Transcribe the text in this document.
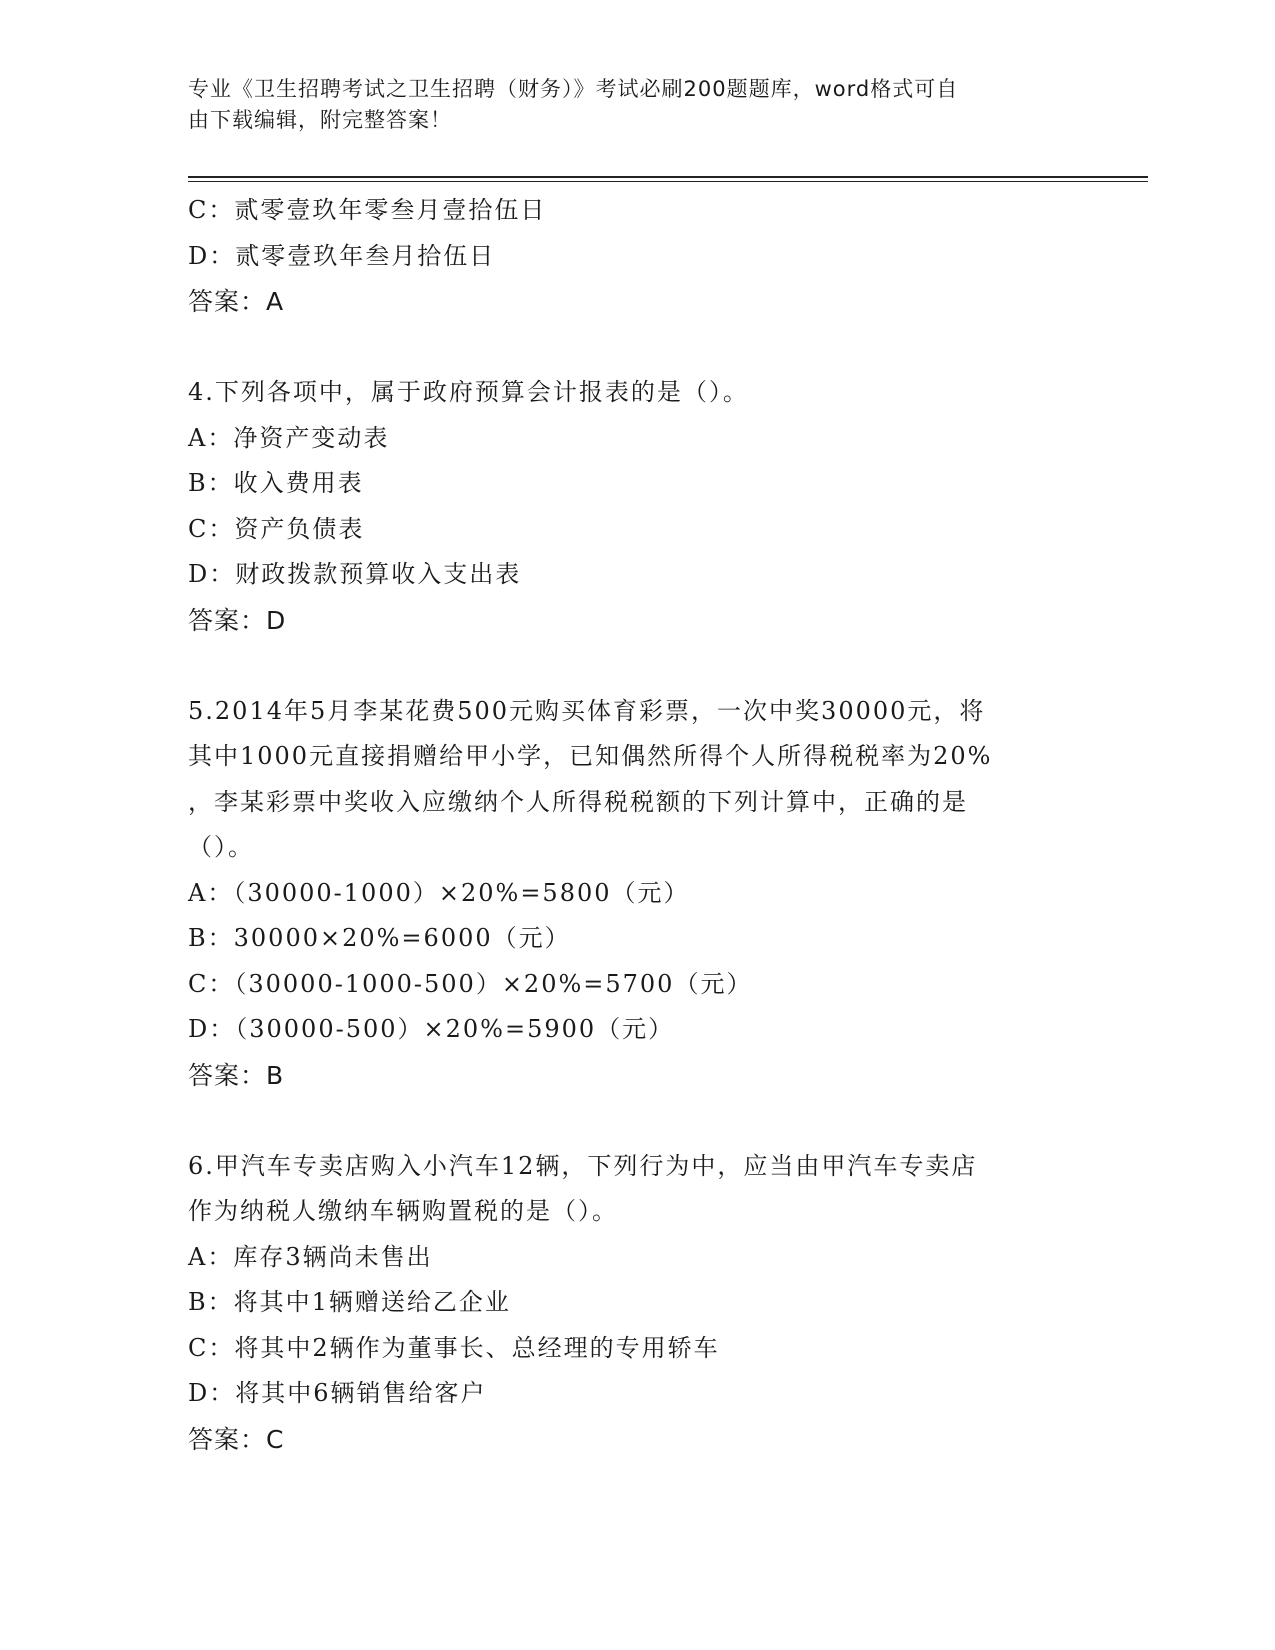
专业《卫生招聘考试之卫生招聘（财务）》考试必刷200题题库，word格式可自
由下载编辑，附完整答案！
C：贰零壹玖年零叁月壹拾伍日
D：贰零壹玖年叁月拾伍日
答案：A
4.下列各项中，属于政府预算会计报表的是（）。
A：净资产变动表
B：收入费用表
C：资产负债表
D：财政拨款预算收入支出表
答案：D
5.2014年5月李某花费500元购买体育彩票，一次中奖30000元，将
其中1000元直接捐赠给甲小学，已知偶然所得个人所得税税率为20%
，李某彩票中奖收入应缴纳个人所得税税额的下列计算中，正确的是
（）。
A：（30000-1000）×20%=5800（元）
B：30000×20%=6000（元）
C：（30000-1000-500）×20%=5700（元）
D：（30000-500）×20%=5900（元）
答案：B
6.甲汽车专卖店购入小汽车12辆，下列行为中，应当由甲汽车专卖店
作为纳税人缴纳车辆购置税的是（）。
A：库存3辆尚未售出
B：将其中1辆赠送给乙企业
C：将其中2辆作为董事长、总经理的专用轿车
D：将其中6辆销售给客户
答案：C
